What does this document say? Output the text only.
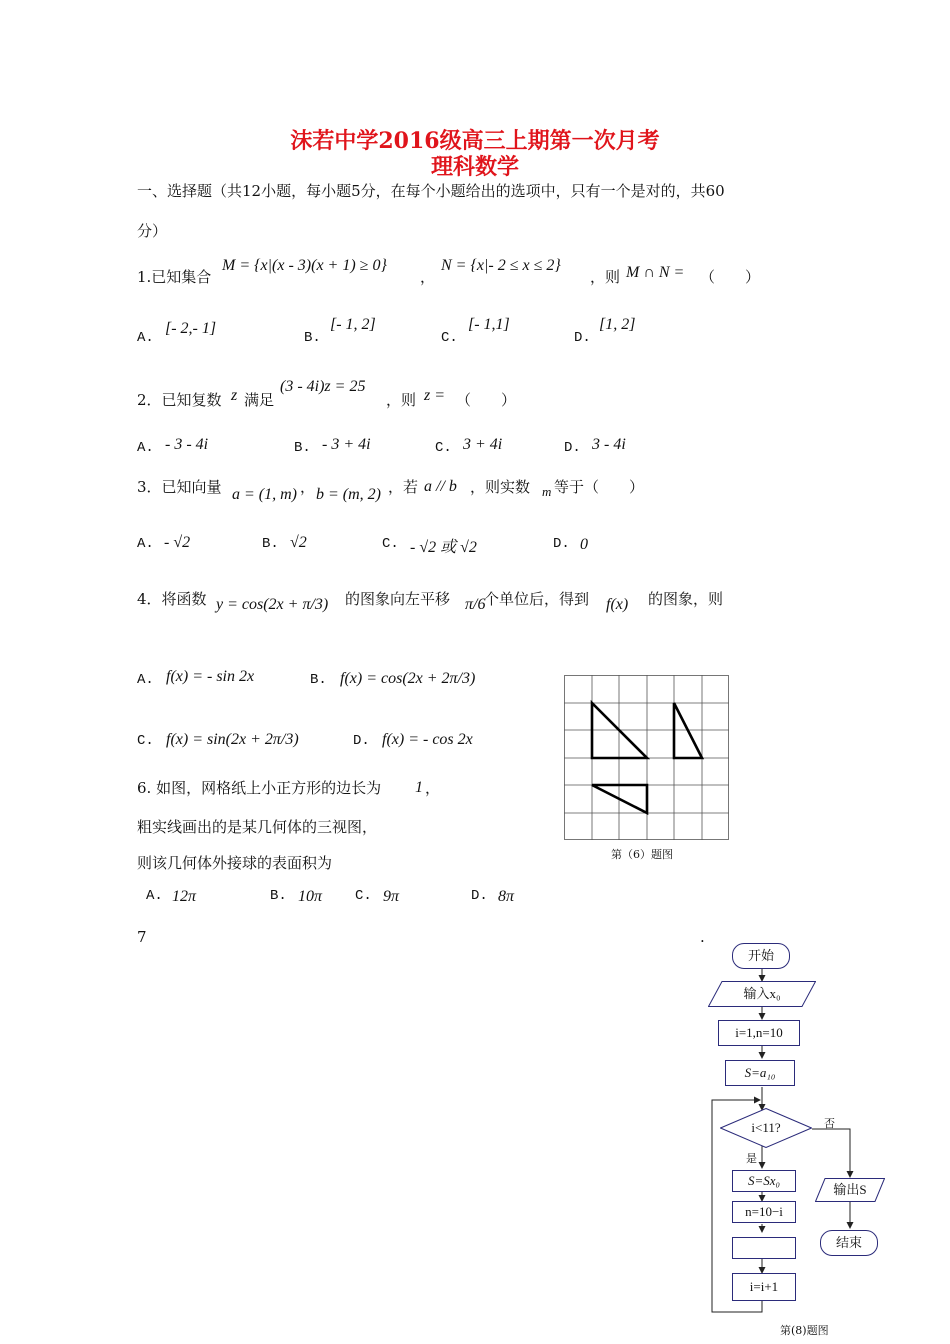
沫若中学2016级高三上期第一次月考
理科数学
一、选择题（共12小题，每小题5分，在每个小题给出的选项中，只有一个是对的，共60
分）
1.已知集合
M = {x|(x - 3)(x + 1) ≥ 0}
，
N = {x|- 2 ≤ x ≤ 2}
，则 M ∩ N = （　　）
A.
[- 2,- 1]
B.
[- 1, 2]
C.
[- 1,1]
D.
[1, 2]
2．已知复数 z 满足
(3 - 4i)z = 25
，则 z = （　　）
A. - 3 - 4i	B. - 3 + 4i	C. 3 + 4i	D. 3 - 4i
3．已知向量 a = (1, m) ， b = (m, 2) ，若 a // b ，则实数 m 等于（　　）
A. - √2	B. √2	C. - √2 或 √2	D. 0
4．将函数 y = cos(2x + π/3) 的图象向左平移 π/6
个单位后，得到 f(x) 的图象，则
A. f(x) = - sin 2x	B. f(x) = cos(2x + 2π/3)
C. f(x) = sin(2x + 2π/3)	D. f(x) = - cos 2x
6. 如图，网格纸上小正方形的边长为 1 ，
粗实线画出的是某几何体的三视图，
则该几何体外接球的表面积为
A. 12π	B. 10π C. 9π	D. 8π
第（6）题图
7	.
开始
输入x₀
i=1,n=10
S=a₁₀
i<11?
是
否
S=Sx₀
n=10−i
i=i+1
输出S
结束
第(8)题图
